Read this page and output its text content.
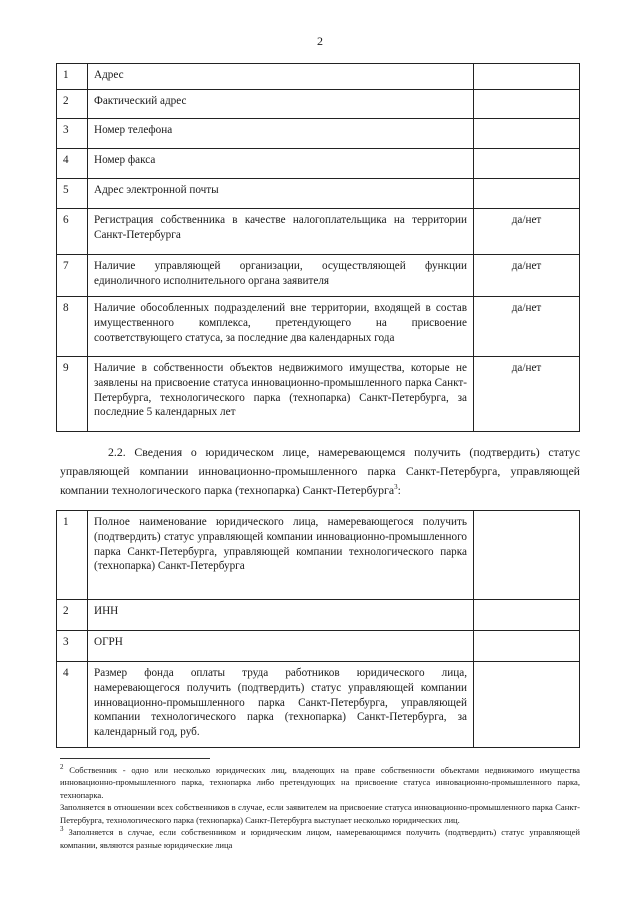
2
1	Адрес	
2	Фактический адрес	
3	Номер телефона	
4	Номер факса	
5	Адрес электронной почты	
6	Регистрация собственника в качестве налогоплательщика на территории Санкт-Петербурга	да/нет
7	Наличие управляющей организации, осуществляющей функции единоличного исполнительного органа заявителя	да/нет
8	Наличие обособленных подразделений вне территории, входящей в состав имущественного комплекса, претендующего на присвоение соответствующего статуса, за последние два календарных года	да/нет
9	Наличие в собственности объектов недвижимого имущества, которые не заявлены на присвоение статуса инновационно-промышленного парка Санкт-Петербурга, технологического парка (технопарка) Санкт-Петербурга, за последние 5 календарных лет	да/нет
2.2. Сведения о юридическом лице, намеревающемся получить (подтвердить) статус управляющей компании инновационно-промышленного парка Санкт-Петербурга, управляющей компании технологического парка (технопарка) Санкт-Петербурга$^3$:
1	Полное наименование юридического лица, намеревающегося получить (подтвердить) статус управляющей компании инновационно-промышленного парка Санкт-Петербурга, управляющей компании технологического парка (технопарка) Санкт-Петербурга	
2	ИНН	
3	ОГРН	
4	Размер фонда оплаты труда работников юридического лица, намеревающегося получить (подтвердить) статус управляющей компании инновационно-промышленного парка Санкт-Петербурга, управляющей компании технологического парка (технопарка) Санкт-Петербурга, за календарный год, руб.	

$^2$ Собственник - одно или несколько юридических лиц, владеющих на праве собственности объектами недвижимого имущества инновационно-промышленного парка, технопарка либо претендующих на присвоение статуса инновационно-промышленного парка, технопарка.

Заполняется в отношении всех собственников в случае, если заявителем на присвоение статуса инновационно-промышленного парка Санкт-Петербурга, технологического парка (технопарка) Санкт-Петербурга выступает несколько юридических лиц.

$^3$ Заполняется в случае, если собственником и юридическим лицом, намеревающимся получить (подтвердить) статус управляющей компании, являются разные юридические лица
